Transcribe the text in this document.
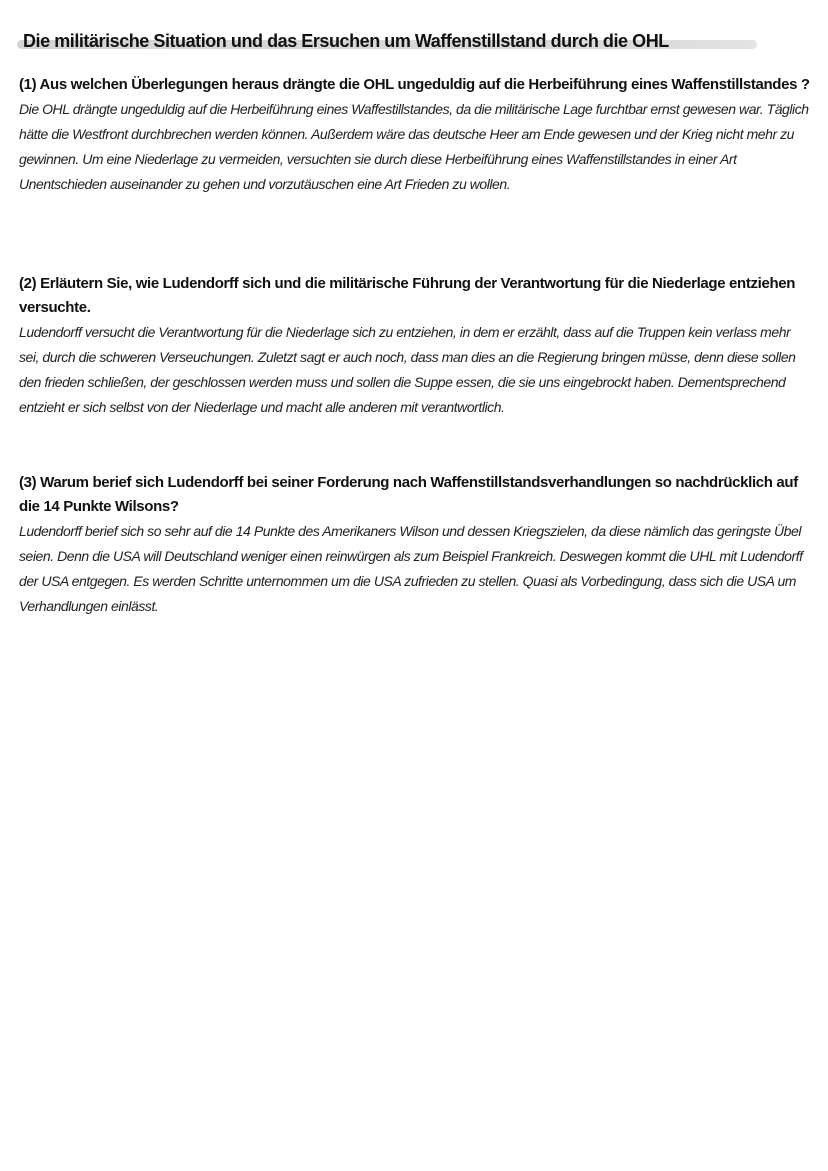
Die militärische Situation und das Ersuchen um Waffenstillstand durch die OHL
(1) Aus welchen Überlegungen heraus drängte die OHL ungeduldig auf die Herbeiführung eines Waffenstillstandes ?

Die OHL drängte ungeduldig auf die Herbeiführung eines Waffestillstandes, da die militärische Lage furchtbar ernst gewesen war. Täglich hätte die Westfront durchbrechen werden können. Außerdem wäre das deutsche Heer am Ende gewesen und der Krieg nicht mehr zu gewinnen. Um eine Niederlage zu vermeiden, versuchten sie durch diese Herbeiführung eines Waffenstillstandes in einer Art Unentschieden auseinander zu gehen und vorzutäuschen eine Art Frieden zu wollen.

(2) Erläutern Sie, wie Ludendorff sich und die militärische Führung der Verantwortung für die Niederlage entziehen versuchte.

Ludendorff versucht die Verantwortung für die Niederlage sich zu entziehen, in dem er erzählt, dass auf die Truppen kein verlass mehr sei, durch die schweren Verseuchungen. Zuletzt sagt er auch noch, dass man dies an die Regierung bringen müsse, denn diese sollen den frieden schließen, der geschlossen werden muss und sollen die Suppe essen, die sie uns eingebrockt haben. Dementsprechend entzieht er sich selbst von der Niederlage und macht alle anderen mit verantwortlich.

(3) Warum berief sich Ludendorff bei seiner Forderung nach Waffenstillstandsverhandlungen so nachdrücklich auf die 14 Punkte Wilsons?

Ludendorff berief sich so sehr auf die 14 Punkte des Amerikaners Wilson und dessen Kriegszielen, da diese nämlich das geringste Übel seien. Denn die USA will Deutschland weniger einen reinwürgen als zum Beispiel Frankreich. Deswegen kommt die UHL mit Ludendorff der USA entgegen. Es werden Schritte unternommen um die USA zufrieden zu stellen. Quasi als Vorbedingung, dass sich die USA um Verhandlungen einlässt.
